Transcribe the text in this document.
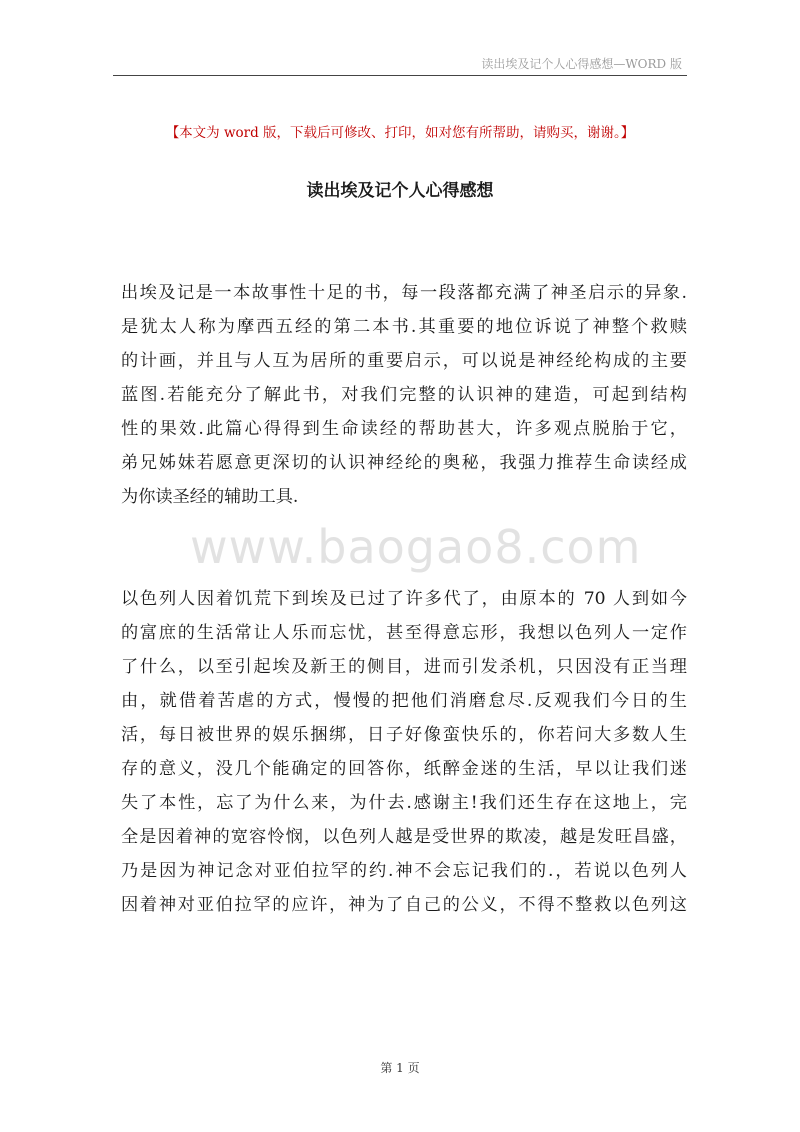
读出埃及记个人心得感想—WORD 版
【本文为 word 版，下载后可修改、打印，如对您有所帮助，请购买，谢谢。】
读出埃及记个人心得感想
出埃及记是一本故事性十足的书，每一段落都充满了神圣启示的异象.
是犹太人称为摩西五经的第二本书.其重要的地位诉说了神整个救赎
的计画，并且与人互为居所的重要启示，可以说是神经纶构成的主要
蓝图.若能充分了解此书，对我们完整的认识神的建造，可起到结构
性的果效.此篇心得得到生命读经的帮助甚大，许多观点脱胎于它，
弟兄姊妹若愿意更深切的认识神经纶的奥秘，我强力推荐生命读经成
为你读圣经的辅助工具.
以色列人因着饥荒下到埃及已过了许多代了，由原本的 70 人到如今
的富庶的生活常让人乐而忘忧，甚至得意忘形，我想以色列人一定作
了什么，以至引起埃及新王的侧目，进而引发杀机，只因没有正当理
由，就借着苦虐的方式，慢慢的把他们消磨怠尽.反观我们今日的生
活，每日被世界的娱乐捆绑，日子好像蛮快乐的，你若问大多数人生
存的意义，没几个能确定的回答你，纸醉金迷的生活，早以让我们迷
失了本性，忘了为什么来，为什去.感谢主!我们还生存在这地上，完
全是因着神的宽容怜悯，以色列人越是受世界的欺凌，越是发旺昌盛，
乃是因为神记念对亚伯拉罕的约.神不会忘记我们的.，若说以色列人
因着神对亚伯拉罕的应许，神为了自己的公义，不得不整救以色列这
www.baogao8.com
第 1 页
